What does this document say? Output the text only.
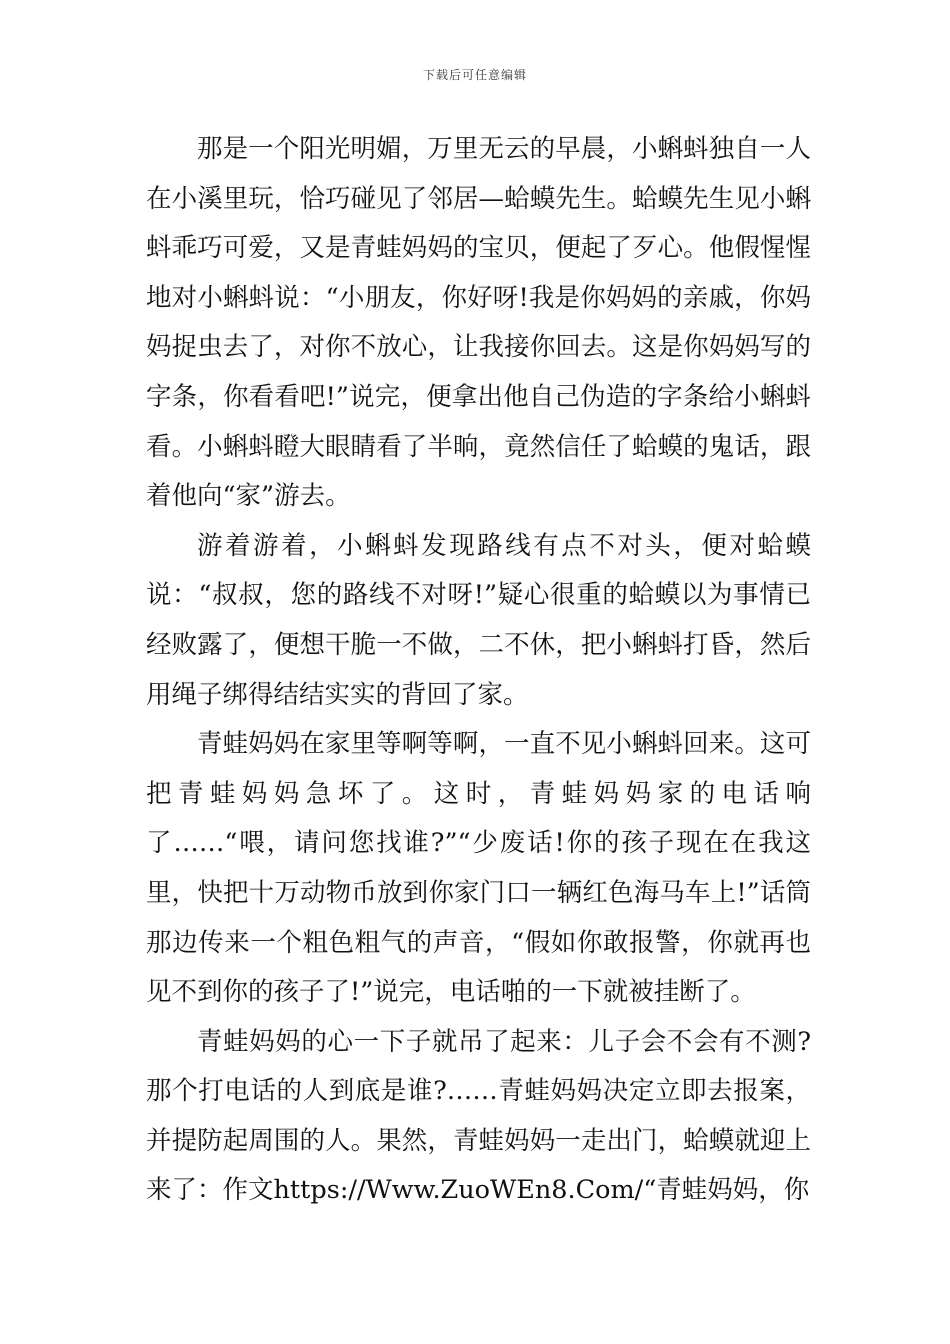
下载后可任意编辑

那是一个阳光明媚，万里无云的早晨，小蝌蚪独自一人在小溪里玩，恰巧碰见了邻居—蛤蟆先生。蛤蟆先生见小蝌蚪乖巧可爱，又是青蛙妈妈的宝贝，便起了歹心。他假惺惺地对小蝌蚪说：“小朋友，你好呀!我是你妈妈的亲戚，你妈妈捉虫去了，对你不放心，让我接你回去。这是你妈妈写的字条，你看看吧!”说完，便拿出他自己伪造的字条给小蝌蚪看。小蝌蚪瞪大眼睛看了半晌，竟然信任了蛤蟆的鬼话，跟着他向“家”游去。

游着游着，小蝌蚪发现路线有点不对头，便对蛤蟆说：“叔叔，您的路线不对呀!”疑心很重的蛤蟆以为事情已经败露了，便想干脆一不做，二不休，把小蝌蚪打昏，然后用绳子绑得结结实实的背回了家。

青蛙妈妈在家里等啊等啊，一直不见小蝌蚪回来。这可把青蛙妈妈急坏了。这时，青蛙妈妈家的电话响了……“喂，请问您找谁?”“少废话!你的孩子现在在我这里，快把十万动物币放到你家门口一辆红色海马车上!”话筒那边传来一个粗色粗气的声音，“假如你敢报警，你就再也见不到你的孩子了!”说完，电话啪的一下就被挂断了。

青蛙妈妈的心一下子就吊了起来：儿子会不会有不测?那个打电话的人到底是谁?……青蛙妈妈决定立即去报案，并提防起周围的人。果然，青蛙妈妈一走出门，蛤蟆就迎上来了：作文https://Www.ZuoWEn8.Com/“青蛙妈妈，你
